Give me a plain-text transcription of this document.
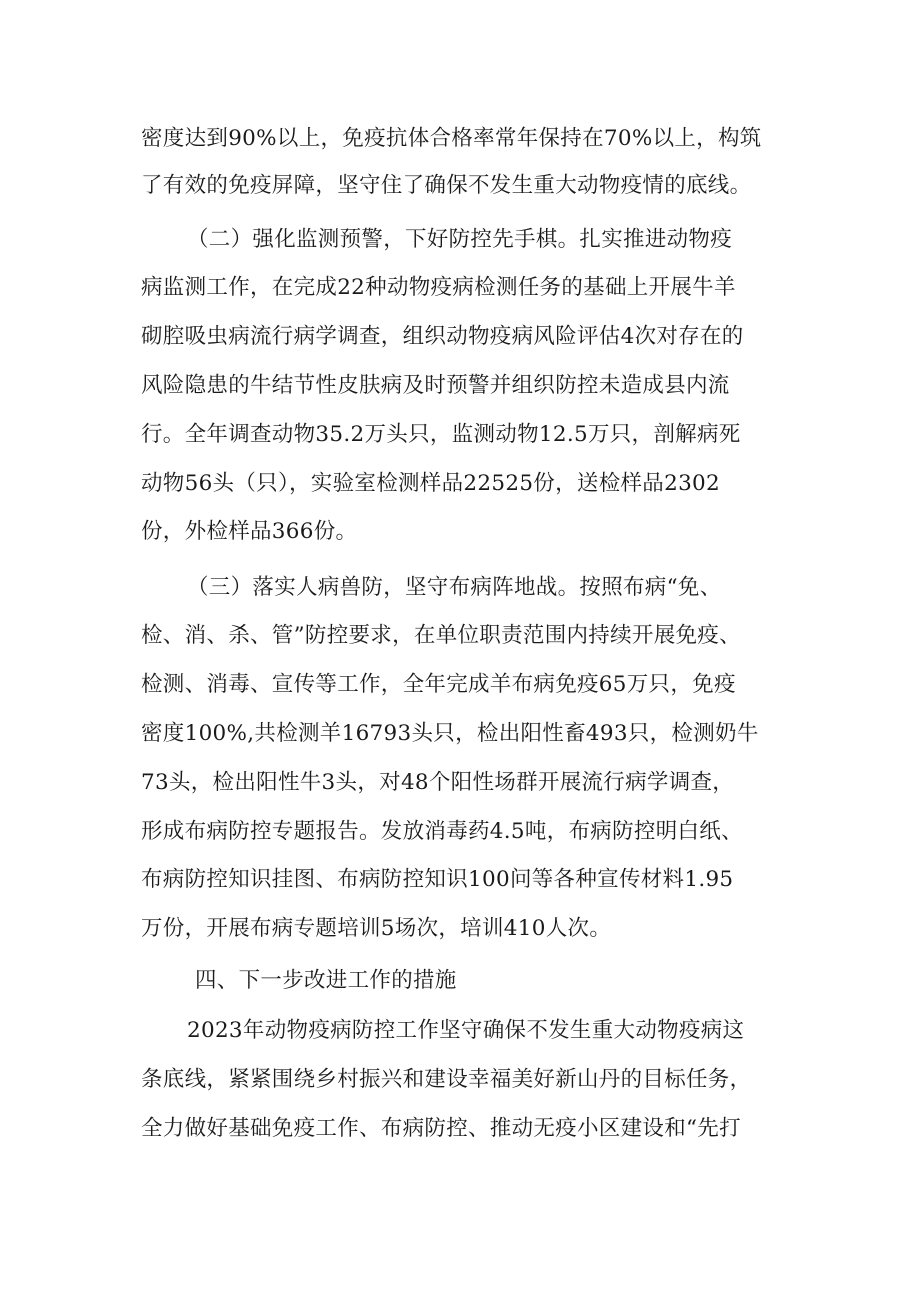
密度达到90%以上，免疫抗体合格率常年保持在70%以上，构筑
了有效的免疫屏障，坚守住了确保不发生重大动物疫情的底线。
（二）强化监测预警，下好防控先手棋。扎实推进动物疫
病监测工作，在完成22种动物疫病检测任务的基础上开展牛羊
砌腔吸虫病流行病学调查，组织动物疫病风险评估4次对存在的
风险隐患的牛结节性皮肤病及时预警并组织防控未造成县内流
行。全年调查动物35.2万头只，监测动物12.5万只，剖解病死
动物56头（只），实验室检测样品22525份，送检样品2302
份，外检样品366份。
（三）落实人病兽防，坚守布病阵地战。按照布病“免、
检、消、杀、管”防控要求，在单位职责范围内持续开展免疫、
检测、消毒、宣传等工作，全年完成羊布病免疫65万只，免疫
密度100%,共检测羊16793头只，检出阳性畜493只，检测奶牛
73头，检出阳性牛3头，对48个阳性场群开展流行病学调查，
形成布病防控专题报告。发放消毒药4.5吨，布病防控明白纸、
布病防控知识挂图、布病防控知识100问等各种宣传材料1.95
万份，开展布病专题培训5场次，培训410人次。
四、下一步改进工作的措施
2023年动物疫病防控工作坚守确保不发生重大动物疫病这
条底线，紧紧围绕乡村振兴和建设幸福美好新山丹的目标任务，
全力做好基础免疫工作、布病防控、推动无疫小区建设和“先打
